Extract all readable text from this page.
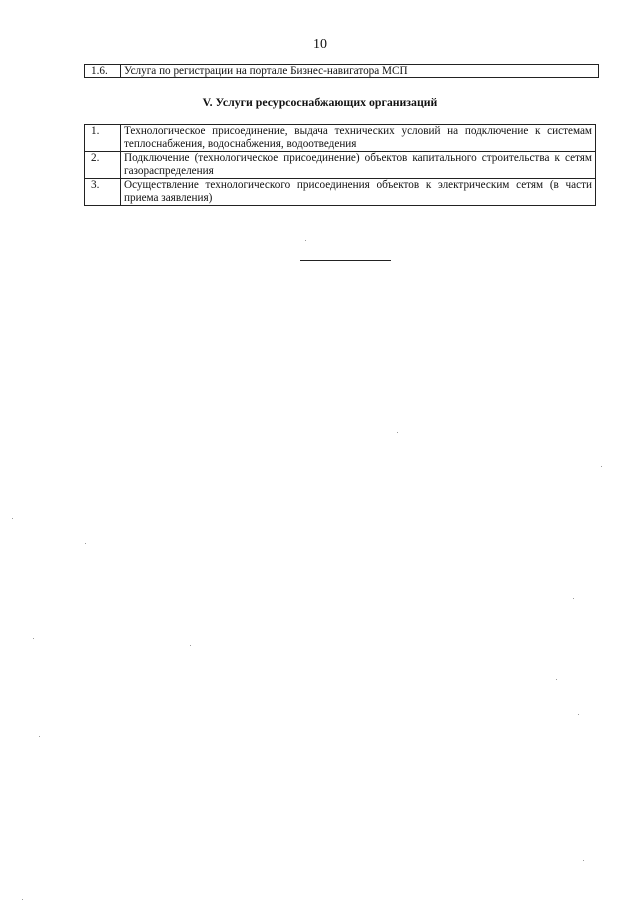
10
1.6.	Услуга по регистрации на портале Бизнес-навигатора МСП
V. Услуги ресурсоснабжающих организаций
1.	Технологическое присоединение, выдача технических условий на подключение к системам теплоснабжения, водоснабжения, водоотведения
2.	Подключение (технологическое присоединение) объектов капитального строительства к сетям газораспределения
3.	Осуществление технологического присоединения объектов к электрическим сетям (в части приема заявления)
